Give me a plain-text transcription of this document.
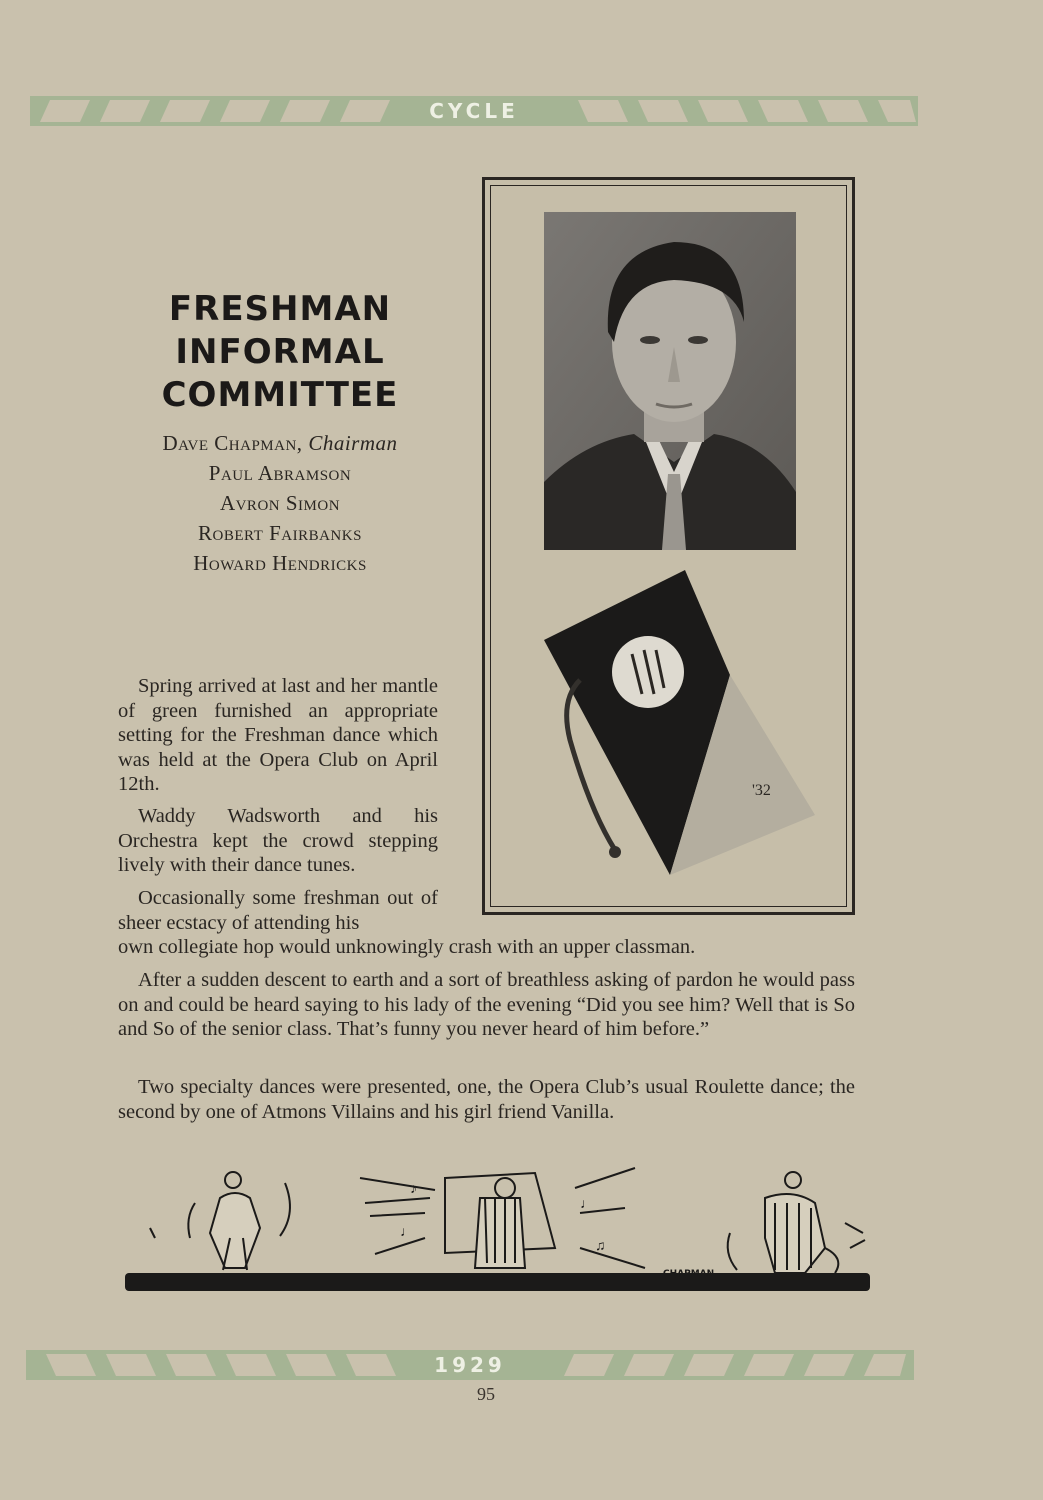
CYCLE
FRESHMAN
INFORMAL
COMMITTEE
Dave Chapman, Chairman
Paul Abramson
Avron Simon
Robert Fairbanks
Howard Hendricks
'32

Spring arrived at last and her mantle of green furnished an appropriate setting for the Freshman dance which was held at the Opera Club on April 12th.

Waddy Wadsworth and his Orchestra kept the crowd stepping lively with their dance tunes.

Occasionally some freshman out of sheer ecstacy of attending his

own collegiate hop would unknowingly crash with an upper classman.

After a sudden descent to earth and a sort of breathless asking of pardon he would pass on and could be heard saying to his lady of the evening “Did you see him? Well that is So and So of the senior class. That’s funny you never heard of him before.”

Two specialty dances were presented, one, the Opera Club’s usual Roulette dance; the second by one of Atmons Villains and his girl friend Vanilla.

♪
♩
♩
♫
CHAPMAN
1929
95
